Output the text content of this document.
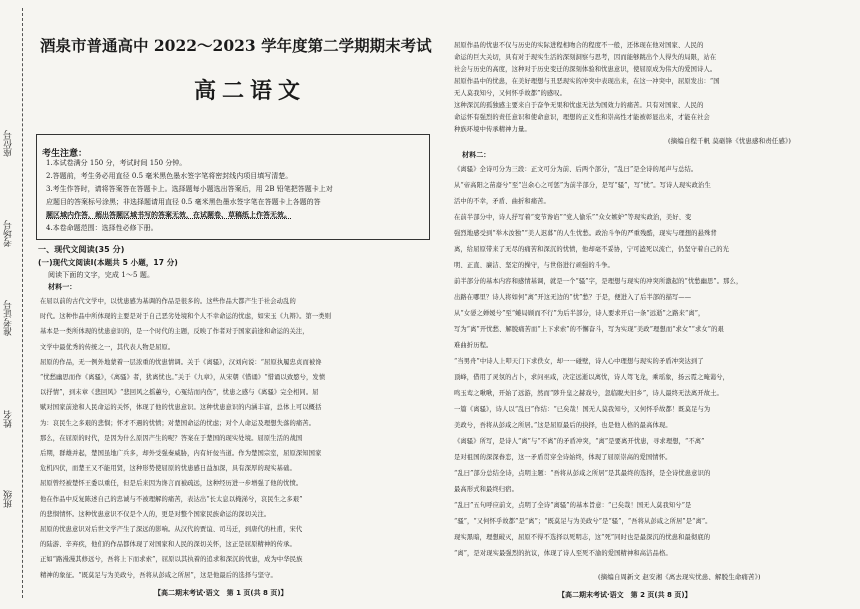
班级
姓名
准考证号
考场号
座位号
酒泉市普通高中 2022～2023 学年度第二学期期末考试
高二语文
考生注意：
1.本试卷满分 150 分，考试时间 150 分钟。
2.答题前，考生务必用直径 0.5 毫米黑色墨水签字笔将密封线内项目填写清楚。
3.考生作答时，请将答案答在答题卡上。选择题每小题选出答案后，用 2B 铅笔把答题卡上对
应题目的答案标号涂黑；非选择题请用直径 0.5 毫米黑色墨水签字笔在答题卡上各题的答
题区域内作答，超出答题区域书写的答案无效，在试题卷、草稿纸上作答无效。
4.本卷命题范围：选择性必修下册。
一、现代文阅读(35 分)
(一)现代文阅读Ⅰ(本题共 5 小题，17 分)
阅读下面的文字，完成 1～5 题。
材料一：
在屈以前的古代文学中，以忧患感为基调的作品是很多的。这些作品大都产生于社会动乱的
时代。这种作品中所体现的主要是对于自己恶劣处境和个人不幸命运的忧虑，如宋玉《九辩》。第一类则
基本是一类所体现的忧患意识的，是一个时代的主题，反映了作者对于国家前途和命运的关注，
文学中最优秀的传统之一，其代表人物是屈原。
屈原的作品，无一例外地蒙着一层浓重的忧患情调。关于《离骚》，汉刘向说：“屈原执履忠贞而被谗
“忧愁幽思而作《离骚》，《离骚》者，犹离忧也。”关于《九章》，从宋朝《惜诵》“惜诵以致愍兮，发愤
以抒情”，到末章《悲回风》“悲回风之摇蕙兮，心冤结而内伤”，忧患之感与《离骚》完全相同。屈
赋对国家前途和人民命运的关怀，体现了他的忧患意识。这种忧患意识的内涵丰富，总体上可以概括
为：哀民生之多艰的悲悯；怀才不遇的忧愤；对楚国命运的忧虑；对个人命运及理想失落的痛苦。
那么，在屈原的时代，是因为什么原因产生的呢？答案在于楚国的现实处境。屈原生活的战国
后期，群雄并起，楚国虽地广兵多，却外受强秦威胁，内有奸佞当道。作为楚国宗室，屈原深知国家
危机四伏，而楚王又不能用贤，这种形势使屈原的忧患感日益加深，具有深厚的现实基础。
屈原曾经被楚怀王委以重任，但是后来因为谗言而被疏远，这种经历进一步增强了他的忧愤。
他在作品中反复陈述自己的忠诚与不被理解的痛苦，表达出“长太息以掩涕兮，哀民生之多艰”
的悲悯情怀。这种忧患意识不仅是个人的，更是对整个国家民族命运的深切关注。
屈原的忧患意识对后世文学产生了深远的影响。从汉代的贾谊、司马迁，到唐代的杜甫，宋代
的陆游、辛弃疾，他们的作品都体现了对国家和人民的深切关怀，这正是屈原精神的传承。
正如“路漫漫其修远兮，吾将上下而求索”，屈原以其执着的追求和深沉的忧患，成为中华民族
精神的象征。“既莫足与为美政兮，吾将从彭咸之所居”，这是他最后的选择与坚守。
【高二期末考试·语文　第 1 页(共 8 页)】
屈原作品的忧患不仅与历史的实际进程相吻合的程度不一般，还体现在他对国家、人民的
命运的巨大关切，具有对于现实生活的深刻洞察与思考，因而能够跳出个人得失的局限，站在
社会与历史的高度，这种对于历史变迁的深刻体验和忧患意识，使屈原成为伟大的爱国诗人。
屈原作品中的忧患，在美好理想与丑恶现实的冲突中表现出来，在这一冲突中，屈原发出：“国
无人莫我知兮，又何怀乎故都”的感叹。
这种深沉的孤独感主要来自于奋争无果和忧虑无法为国效力的痛苦。只有对国家、人民的
命运怀有强烈的责任意识和使命意识，理想的正义性和崇高性才能被彰显出来，才能在社会
种族环境中传承精神力量。
(摘编自程千帆 莫砺锋《忧患感和责任感》)
材料二：
《离骚》全诗可分为三段：正文可分为前、后两个部分，“乱曰”是全诗的尾声与总结。
从“帝高阳之苗裔兮”至“岂余心之可惩”为前半部分，是写“骚”，写“忧”。写诗人现实政治生
活中的不幸，矛盾、曲折和痛苦。
在前半部分中，诗人抒写着“变节谗谄”“党人偷乐”“众女嫉妒”等现实政治，美好、变
强烈地感受到“举木汝独”“美人迟暮”的人生忧愁。政治斗争的严重残酷，现实与理想的悬殊背
离，给屈原带来了无尽的痛苦和深沉的忧愤，他却毫不妥协，宁可溘死以流亡，仍坚守着自己的光
明、正直、廉洁、坚定的操守，与世俗进行顽强的斗争。
前半部分的基本内容和感情基调，就是一个“骚”字，是理想与现实的冲突所激起的“忧愁幽思”。那么，
出路在哪里？诗人将如何“离”开这无边的“忧”愁？于是，便进入了后半部的描写——
从“女媭之婵媛兮”至“蜷局顾而不行”为后半部分，诗人要求开启一条“远逝”之路来“离”，
写为“离”开忧愁、解脱痛苦而“上下求索”的不懈奋斗，写为实现“美政”理想而“求女”“求女”的艰
难曲折历程。
“当男舟”中诗人上叩天门下求佚女，却一一碰壁，诗人心中理想与现实的矛盾冲突达到了
顶峰，借用了灵氛的占卜，求问巫咸，决定远逝以离忧，诗人驾飞龙，乘瑶象，扬云霓之晻蔼兮，
鸣玉鸾之啾啾，开始了远游，然而“陟升皇之赫戏兮，忽临睨夫旧乡”，诗人最终无法离开故土。
一篇《离骚》，诗人以“乱曰”作结：“已矣哉！国无人莫我知兮，又何怀乎故都！既莫足与为
美政兮，吾将从彭咸之所居。”这是屈原最后的抉择，也是他人格的最高体现。
《离骚》所写，是诗人“离”与“不离”的矛盾冲突，“离”是要离开忧患，寻求理想，“不离”
是对祖国的深深眷恋，这一矛盾贯穿全诗始终，体现了屈原崇高的爱国情怀。
“乱曰”部分总结全诗，点明主题：“吾将从彭咸之所居”是其最终的选择，是全诗忧患意识的
最高形式和最终归宿。
“乱曰”五句呼应前文，点明了全诗“离骚”的基本旨意：“已矣哉！国无人莫我知兮”是
“骚”，“又何怀乎故都”是“离”；“既莫足与为美政兮”是“骚”，“吾将从彭咸之所居”是“离”。
现实黑暗，理想破灭，屈原不得不选择以死明志，这“死”同时也是最深沉的忧患和最彻底的
“离”，是对现实最强烈的抗议，体现了诗人至死不渝的爱国精神和高洁品格。
(摘编自周新文 赵安湘《离去现实忧患、解脱生命痛苦》)
【高二期末考试·语文　第 2 页(共 8 页)】
